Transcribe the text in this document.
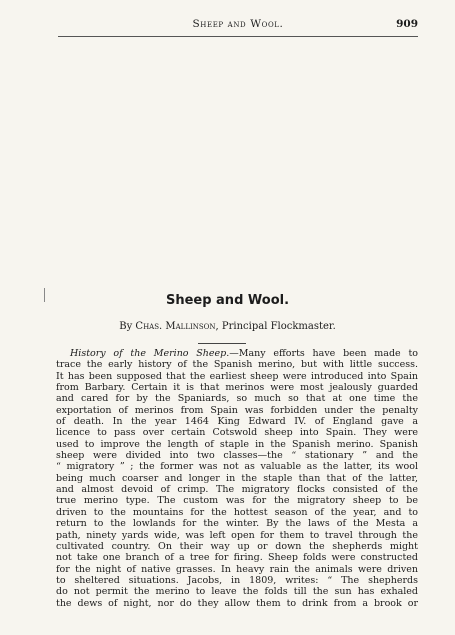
Sheep and Wool.	909
Sheep and Wool.

By Chas. Mallinson, Principal Flockmaster.

History of the Merino Sheep.—Many efforts have been made to
trace the early history of the Spanish merino, but with little success.
It has been supposed that the earliest sheep were introduced into Spain
from Barbary. Certain it is that merinos were most jealously guarded
and cared for by the Spaniards, so much so that at one time the
exportation of merinos from Spain was forbidden under the penalty
of death. In the year 1464 King Edward IV. of England gave a
licence to pass over certain Cotswold sheep into Spain. They were
used to improve the length of staple in the Spanish merino. Spanish
sheep were divided into two classes—the “ stationary ” and the
“ migratory ” ; the former was not as valuable as the latter, its wool
being much coarser and longer in the staple than that of the latter,
and almost devoid of crimp. The migratory flocks consisted of the
true merino type. The custom was for the migratory sheep to be
driven to the mountains for the hottest season of the year, and to
return to the lowlands for the winter. By the laws of the Mesta a
path, ninety yards wide, was left open for them to travel through the
cultivated country. On their way up or down the shepherds might
not take one branch of a tree for firing. Sheep folds were constructed
for the night of native grasses. In heavy rain the animals were driven
to sheltered situations. Jacobs, in 1809, writes: “ The shepherds
do not permit the merino to leave the folds till the sun has exhaled
the dews of night, nor do they allow them to drink from a brook or
